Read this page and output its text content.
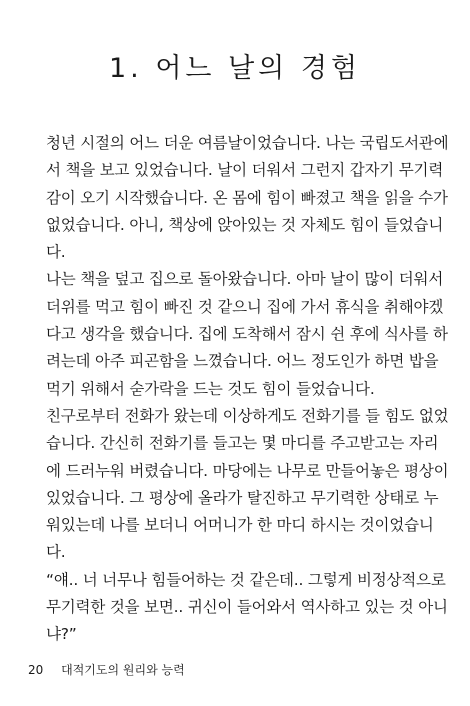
1. 어느 날의 경험
청년 시절의 어느 더운 여름날이었습니다. 나는 국립도서관에
서 책을 보고 있었습니다. 날이 더워서 그런지 갑자기 무기력
감이 오기 시작했습니다. 온 몸에 힘이 빠졌고 책을 읽을 수가
없었습니다. 아니, 책상에 앉아있는 것 자체도 힘이 들었습니
다.
나는 책을 덮고 집으로 돌아왔습니다. 아마 날이 많이 더워서
더위를 먹고 힘이 빠진 것 같으니 집에 가서 휴식을 취해야겠
다고 생각을 했습니다. 집에 도착해서 잠시 쉰 후에 식사를 하
려는데 아주 피곤함을 느꼈습니다. 어느 정도인가 하면 밥을
먹기 위해서 숟가락을 드는 것도 힘이 들었습니다.
친구로부터 전화가 왔는데 이상하게도 전화기를 들 힘도 없었
습니다. 간신히 전화기를 들고는 몇 마디를 주고받고는 자리
에 드러누워 버렸습니다. 마당에는 나무로 만들어놓은 평상이
있었습니다. 그 평상에 올라가 탈진하고 무기력한 상태로 누
워있는데 나를 보더니 어머니가 한 마디 하시는 것이었습니
다.
“얘.. 너 너무나 힘들어하는 것 같은데.. 그렇게 비정상적으로
무기력한 것을 보면.. 귀신이 들어와서 역사하고 있는 것 아니
냐?”
20 대적기도의 원리와 능력
